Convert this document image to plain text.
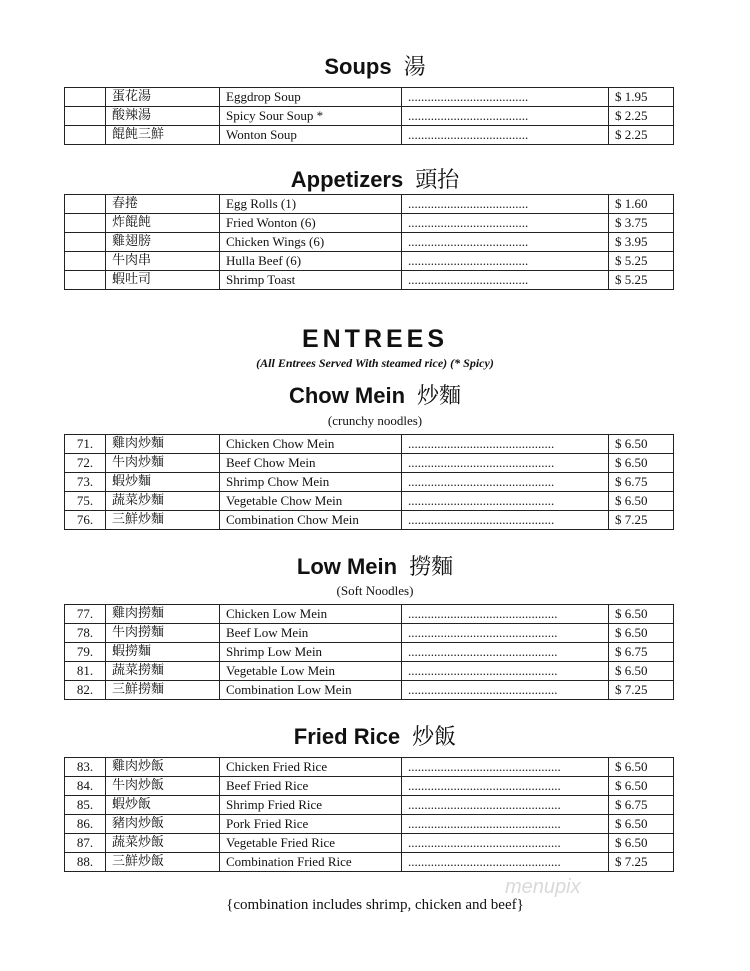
Soups 湯
	蛋花湯	Eggdrop Soup	.....................................	$ 1.95
	酸辣湯	Spicy Sour Soup *	.....................................	$ 2.25
	餛飩三鮮	Wonton Soup	.....................................	$ 2.25
Appetizers 頭抬
	春捲	Egg Rolls (1)	.....................................	$ 1.60
	炸餛飩	Fried Wonton (6)	.....................................	$ 3.75
	雞翅膀	Chicken Wings (6)	.....................................	$ 3.95
	牛肉串	Hulla Beef (6)	.....................................	$ 5.25
	蝦吐司	Shrimp Toast	.....................................	$ 5.25
ENTREES
(All Entrees Served With steamed rice) (* Spicy)
Chow Mein 炒麵
(crunchy noodles)
71.	雞肉炒麵	Chicken Chow Mein	.............................................	$ 6.50
72.	牛肉炒麵	Beef Chow Mein	.............................................	$ 6.50
73.	蝦炒麵	Shrimp Chow Mein	.............................................	$ 6.75
75.	蔬菜炒麵	Vegetable Chow Mein	.............................................	$ 6.50
76.	三鮮炒麵	Combination Chow Mein	.............................................	$ 7.25
Low Mein 撈麵
(Soft Noodles)
77.	雞肉撈麵	Chicken Low Mein	..............................................	$ 6.50
78.	牛肉撈麵	Beef Low Mein	..............................................	$ 6.50
79.	蝦撈麵	Shrimp Low Mein	..............................................	$ 6.75
81.	蔬菜撈麵	Vegetable Low Mein	..............................................	$ 6.50
82.	三鮮撈麵	Combination Low Mein	..............................................	$ 7.25
Fried Rice 炒飯
83.	雞肉炒飯	Chicken Fried Rice	...............................................	$ 6.50
84.	牛肉炒飯	Beef Fried Rice	...............................................	$ 6.50
85.	蝦炒飯	Shrimp Fried Rice	...............................................	$ 6.75
86.	豬肉炒飯	Pork Fried Rice	...............................................	$ 6.50
87.	蔬菜炒飯	Vegetable Fried Rice	...............................................	$ 6.50
88.	三鮮炒飯	Combination Fried Rice	...............................................	$ 7.25
menupix
{combination includes shrimp, chicken and beef}
